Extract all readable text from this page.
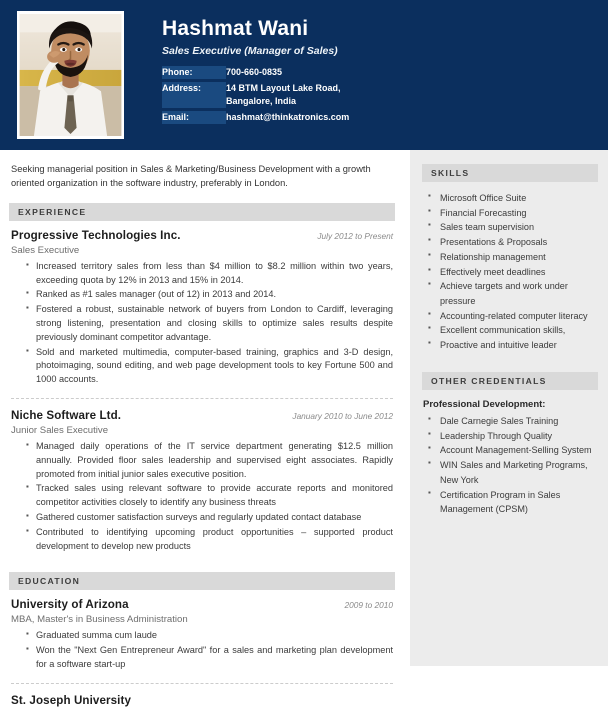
Hashmat Wani
Sales Executive (Manager of Sales)
Phone:	700-660-0835

Address:	14 BTM Layout Lake Road,
Bangalore, India

Email:	hashmat@thinkatronics.com

Seeking managerial position in Sales & Marketing/Business Development with a growth oriented organization in the software industry, preferably in London.

EXPERIENCE
Progressive Technologies Inc.	July 2012 to Present
Sales Executive
▪ Increased territory sales from less than $4 million to $8.2 million within two years, exceeding quota by 12% in 2013 and 15% in 2014.
▪ Ranked as #1 sales manager (out of 12) in 2013 and 2014.
▪ Fostered a robust, sustainable network of buyers from London to Cardiff, leveraging strong listening, presentation and closing skills to optimize sales results despite previously dominant competitor advantage.
▪ Sold and marketed multimedia, computer-based training, graphics and 3-D design, photoimaging, sound editing, and web page development tools to key Fortune 500 and 1000 accounts.
Niche Software Ltd.	January 2010 to June 2012
Junior Sales Executive
▪ Managed daily operations of the IT service department generating $12.5 million annually. Provided floor sales leadership and supervised eight associates. Rapidly promoted from initial junior sales executive position.
▪ Tracked sales using relevant software to provide accurate reports and monitored competitor activities closely to identify any business threats
▪ Gathered customer satisfaction surveys and regularly updated contact database
▪ Contributed to identifying upcoming product opportunities – supported product development to develop new products
EDUCATION
University of Arizona	2009 to 2010
MBA, Master's in Business Administration
▪ Graduated summa cum laude
▪ Won the "Next Gen Entrepreneur Award" for a sales and marketing plan development for a software start-up
St. Joseph University
SKILLS
▪ Microsoft Office Suite
▪ Financial Forecasting
▪ Sales team supervision
▪ Presentations & Proposals
▪ Relationship management
▪ Effectively meet deadlines
▪ Achieve targets and work under pressure
▪ Accounting-related computer literacy
▪ Excellent communication skills,
▪ Proactive and intuitive leader
OTHER CREDENTIALS
Professional Development:
▪ Dale Carnegie Sales Training
▪ Leadership Through Quality
▪ Account Management-Selling System
▪ WIN Sales and Marketing Programs, New York
▪ Certification Program in Sales Management (CPSM)
